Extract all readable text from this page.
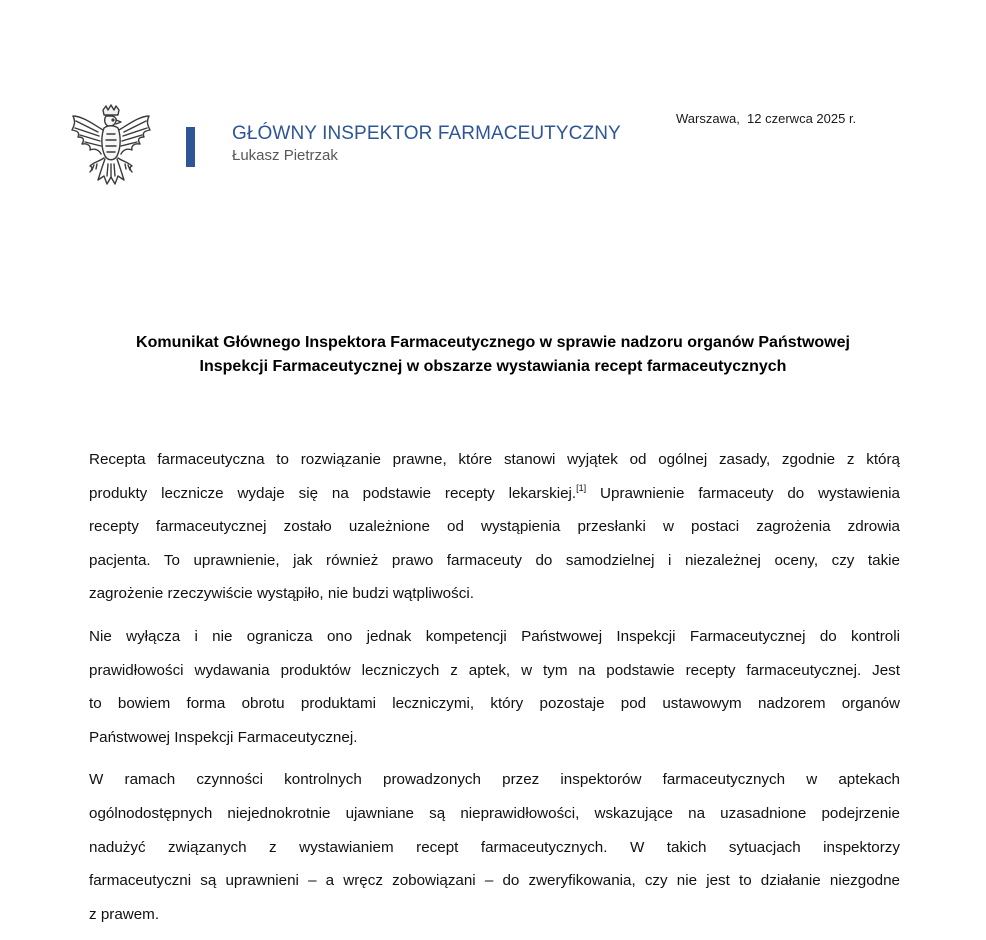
GŁÓWNY INSPEKTOR FARMACEUTYCZNY
Łukasz Pietrzak
Warszawa, 12 czerwca 2025 r.
Komunikat Głównego Inspektora Farmaceutycznego w sprawie nadzoru organów Państwowej
Inspekcji Farmaceutycznej w obszarze wystawiania recept farmaceutycznych
Recepta farmaceutyczna to rozwiązanie prawne, które stanowi wyjątek od ogólnej zasady, zgodnie z którą
produkty lecznicze wydaje się na podstawie recepty lekarskiej.[1] Uprawnienie farmaceuty do wystawienia
recepty farmaceutycznej zostało uzależnione od wystąpienia przesłanki w postaci zagrożenia zdrowia
pacjenta. To uprawnienie, jak również prawo farmaceuty do samodzielnej i niezależnej oceny, czy takie
zagrożenie rzeczywiście wystąpiło, nie budzi wątpliwości.
Nie wyłącza i nie ogranicza ono jednak kompetencji Państwowej Inspekcji Farmaceutycznej do kontroli
prawidłowości wydawania produktów leczniczych z aptek, w tym na podstawie recepty farmaceutycznej. Jest
to bowiem forma obrotu produktami leczniczymi, który pozostaje pod ustawowym nadzorem organów
Państwowej Inspekcji Farmaceutycznej.
W ramach czynności kontrolnych prowadzonych przez inspektorów farmaceutycznych w aptekach
ogólnodostępnych niejednokrotnie ujawniane są nieprawidłowości, wskazujące na uzasadnione podejrzenie
nadużyć związanych z wystawianiem recept farmaceutycznych. W takich sytuacjach inspektorzy
farmaceutyczni są uprawnieni – a wręcz zobowiązani – do zweryfikowania, czy nie jest to działanie niezgodne
z prawem.
